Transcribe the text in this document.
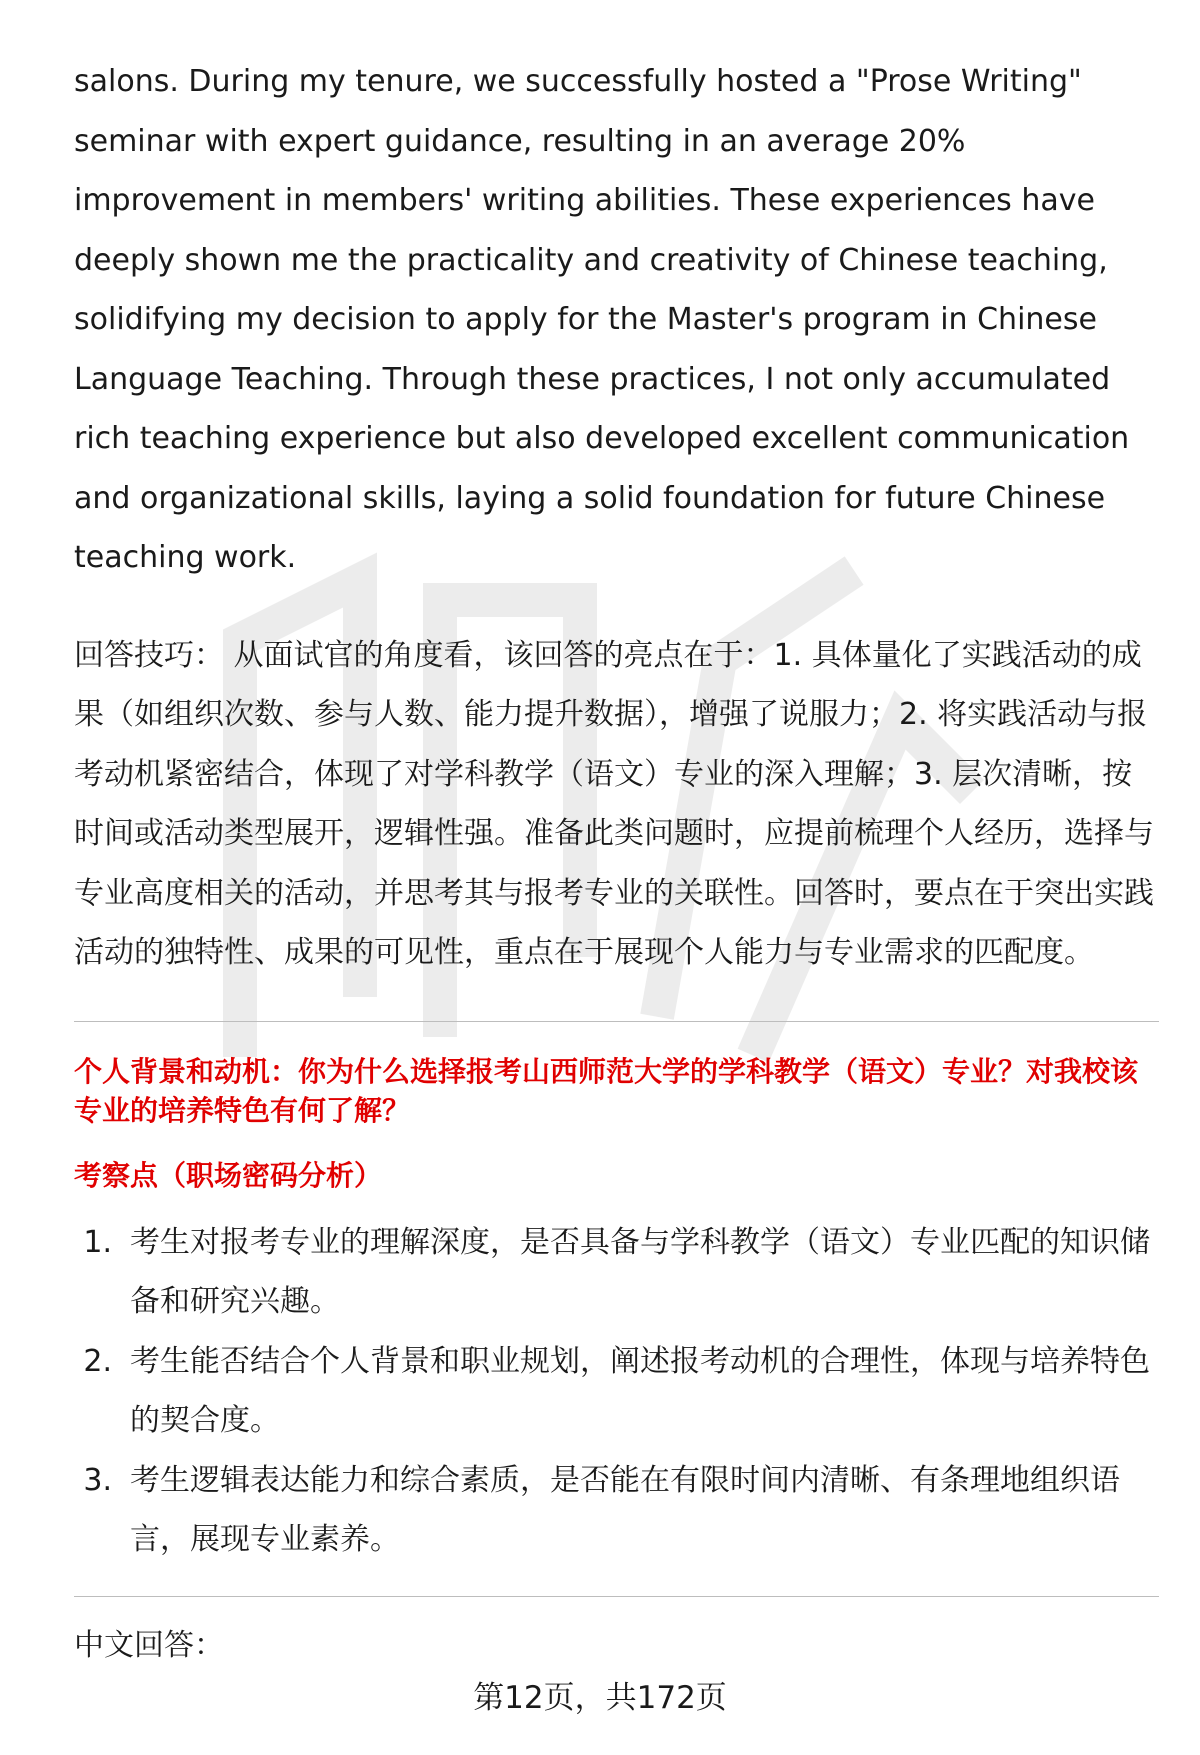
salons. During my tenure, we successfully hosted a "Prose Writing" seminar with expert guidance, resulting in an average 20% improvement in members' writing abilities. These experiences have deeply shown me the practicality and creativity of Chinese teaching, solidifying my decision to apply for the Master's program in Chinese Language Teaching. Through these practices, I not only accumulated rich teaching experience but also developed excellent communication and organizational skills, laying a solid foundation for future Chinese teaching work.

回答技巧： 从面试官的角度看，该回答的亮点在于：1. 具体量化了实践活动的成果（如组织次数、参与人数、能力提升数据），增强了说服力；2. 将实践活动与报考动机紧密结合，体现了对学科教学（语文）专业的深入理解；3. 层次清晰，按时间或活动类型展开，逻辑性强。准备此类问题时，应提前梳理个人经历，选择与专业高度相关的活动，并思考其与报考专业的关联性。回答时，要点在于突出实践活动的独特性、成果的可见性，重点在于展现个人能力与专业需求的匹配度。

个人背景和动机：你为什么选择报考山西师范大学的学科教学（语文）专业？对我校该专业的培养特色有何了解？
考察点（职场密码分析）
1. 考生对报考专业的理解深度，是否具备与学科教学（语文）专业匹配的知识储备和研究兴趣。
2. 考生能否结合个人背景和职业规划，阐述报考动机的合理性，体现与培养特色的契合度。
3. 考生逻辑表达能力和综合素质，是否能在有限时间内清晰、有条理地组织语言，展现专业素养。
中文回答：
第12页，共172页
